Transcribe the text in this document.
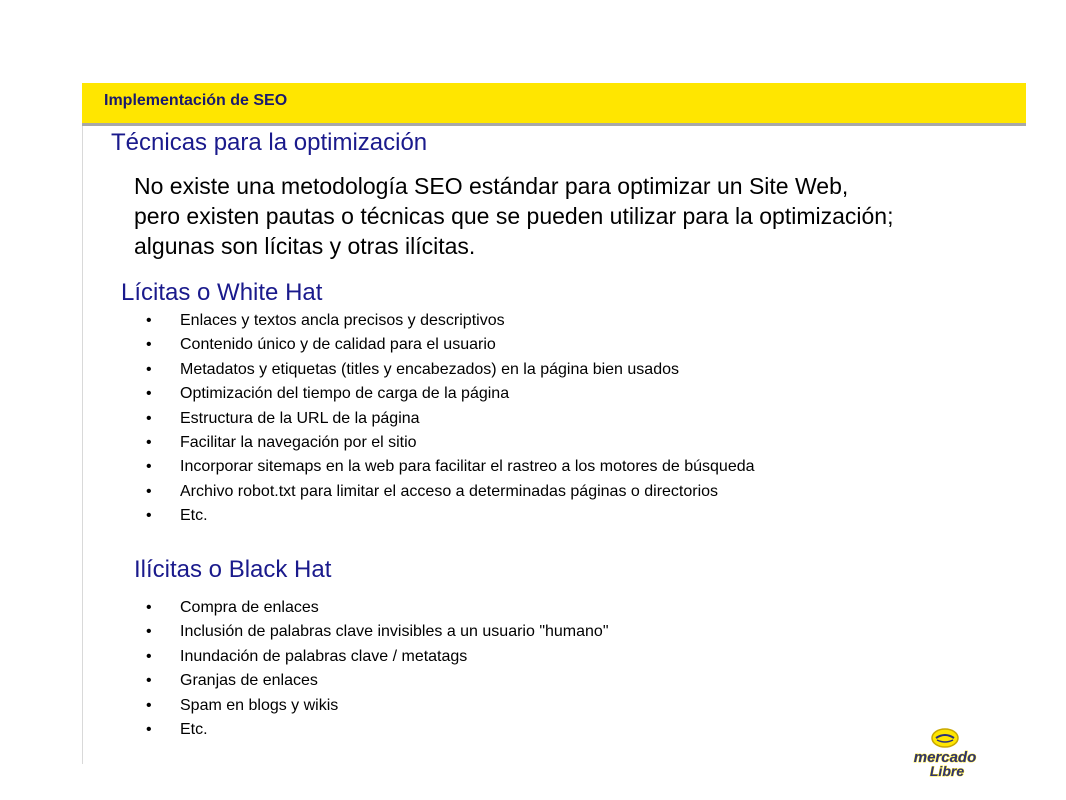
Implementación de SEO
Técnicas para la optimización
No existe una metodología SEO estándar para optimizar un Site Web,
pero existen pautas o técnicas que se pueden utilizar para la optimización;
algunas son lícitas y otras ilícitas.
Lícitas o White Hat
• Enlaces y textos ancla precisos y descriptivos
• Contenido único y de calidad para el usuario
• Metadatos y etiquetas (titles y encabezados) en la página bien usados
• Optimización del tiempo de carga de la página
• Estructura de la URL de la página
• Facilitar la navegación por el sitio
• Incorporar sitemaps en la web para facilitar el rastreo a los motores de búsqueda
• Archivo robot.txt para limitar el acceso a determinadas páginas o directorios
• Etc.
Ilícitas o Black Hat
• Compra de enlaces
• Inclusión de palabras clave invisibles a un usuario "humano"
• Inundación de palabras clave / metatags
• Granjas de enlaces
• Spam en blogs y wikis
• Etc.
mercado
Libre
